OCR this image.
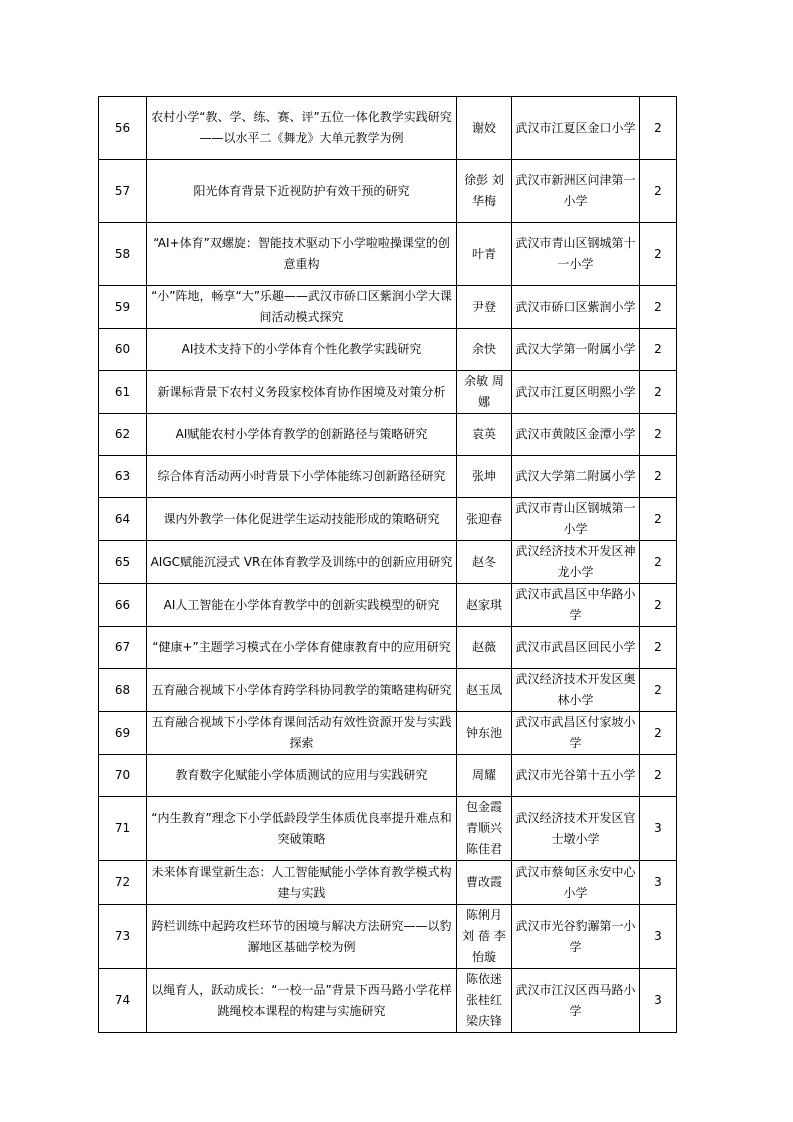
56	农村小学“教、学、练、赛、评”五位一体化教学实践研究——以水平二《舞龙》大单元教学为例	谢姣	武汉市江夏区金口小学	2
57	阳光体育背景下近视防护有效干预的研究	徐彭 刘华梅	武汉市新洲区问津第一小学	2
58	“AI+体育”双螺旋：智能技术驱动下小学啦啦操课堂的创意重构	叶青	武汉市青山区钢城第十一小学	2
59	“小”阵地，畅享“大”乐趣——武汉市硚口区紫润小学大课间活动模式探究	尹登	武汉市硚口区紫润小学	2
60	AI技术支持下的小学体育个性化教学实践研究	余快	武汉大学第一附属小学	2
61	新课标背景下农村义务段家校体育协作困境及对策分析	余敏 周娜	武汉市江夏区明熙小学	2
62	AI赋能农村小学体育教学的创新路径与策略研究	袁英	武汉市黄陂区金潭小学	2
63	综合体育活动两小时背景下小学体能练习创新路径研究	张坤	武汉大学第二附属小学	2
64	课内外教学一体化促进学生运动技能形成的策略研究	张迎春	武汉市青山区钢城第一小学	2
65	AIGC赋能沉浸式 VR在体育教学及训练中的创新应用研究	赵冬	武汉经济技术开发区神龙小学	2
66	AI人工智能在小学体育教学中的创新实践模型的研究	赵家琪	武汉市武昌区中华路小学	2
67	“健康+”主题学习模式在小学体育健康教育中的应用研究	赵薇	武汉市武昌区回民小学	2
68	五育融合视域下小学体育跨学科协同教学的策略建构研究	赵玉凤	武汉经济技术开发区奥林小学	2
69	五育融合视域下小学体育课间活动有效性资源开发与实践探索	钟东池	武汉市武昌区付家坡小学	2
70	教育数字化赋能小学体质测试的应用与实践研究	周耀	武汉市光谷第十五小学	2
71	“内生教育”理念下小学低龄段学生体质优良率提升难点和突破策略	包金霞 青顺兴 陈佳君	武汉经济技术开发区官士墩小学	3
72	未来体育课堂新生态：人工智能赋能小学体育教学模式构建与实践	曹改霞	武汉市蔡甸区永安中心小学	3
73	跨栏训练中起跨攻栏环节的困境与解决方法研究——以豹澥地区基础学校为例	陈俐月 刘 蓓 李怡璇	武汉市光谷豹澥第一小学	3
74	以绳育人，跃动成长：“一校一品”背景下西马路小学花样跳绳校本课程的构建与实施研究	陈依迷 张桂红 梁庆锋	武汉市江汉区西马路小学	3
